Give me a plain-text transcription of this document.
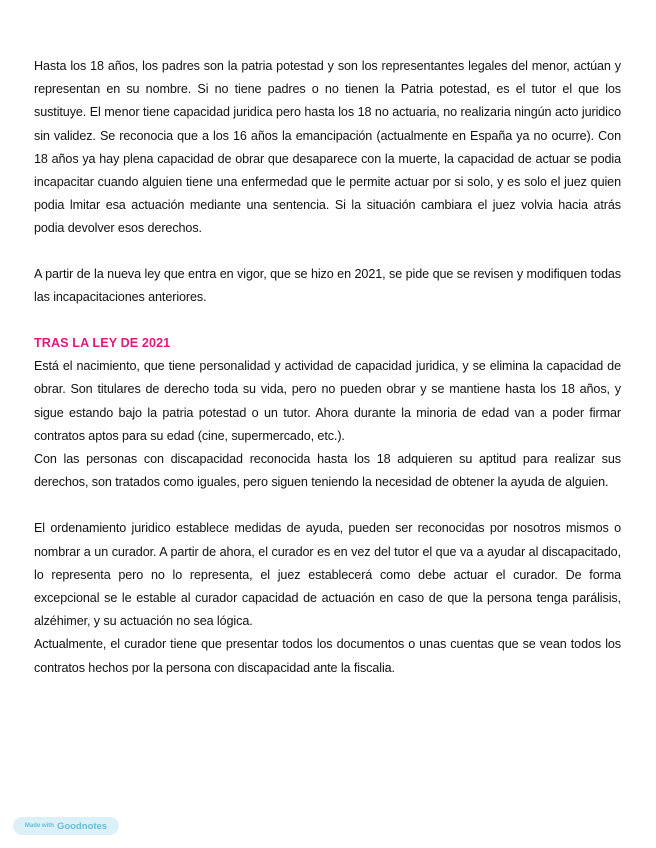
Hasta los 18 años, los padres son la patria potestad y son los representantes legales del menor, actúan y representan en su nombre. Si no tiene padres o no tienen la Patria potestad, es el tutor el que los sustituye. El menor tiene capacidad juridica pero hasta los 18 no actuaria, no realizaria ningún acto juridico sin validez. Se reconocia que a los 16 años la emancipación (actualmente en España ya no ocurre). Con 18 años ya hay plena capacidad de obrar que desaparece con la muerte, la capacidad de actuar se podia incapacitar cuando alguien tiene una enfermedad que le permite actuar por si solo, y es solo el juez quien podia lmitar esa actuación mediante una sentencia. Si la situación cambiara el juez volvia hacia atrás podia devolver esos derechos.

A partir de la nueva ley que entra en vigor, que se hizo en 2021, se pide que se revisen y modifiquen todas las incapacitaciones anteriores.

TRAS LA LEY DE 2021

Está el nacimiento, que tiene personalidad y actividad de capacidad juridica, y se elimina la capacidad de obrar. Son titulares de derecho toda su vida, pero no pueden obrar y se mantiene hasta los 18 años, y sigue estando bajo la patria potestad o un tutor. Ahora durante la minoria de edad van a poder firmar contratos aptos para su edad (cine, supermercado, etc.).

Con las personas con discapacidad reconocida hasta los 18 adquieren su aptitud para realizar sus derechos, son tratados como iguales, pero siguen teniendo la necesidad de obtener la ayuda de alguien.

El ordenamiento juridico establece medidas de ayuda, pueden ser reconocidas por nosotros mismos o nombrar a un curador. A partir de ahora, el curador es en vez del tutor el que va a ayudar al discapacitado, lo representa pero no lo representa, el juez establecerá como debe actuar el curador. De forma excepcional se le estable al curador capacidad de actuación en caso de que la persona tenga parálisis, alzéhimer, y su actuación no sea lógica.

Actualmente, el curador tiene que presentar todos los documentos o unas cuentas que se vean todos los contratos hechos por la persona con discapacidad ante la fiscalia.

Made with Goodnotes
